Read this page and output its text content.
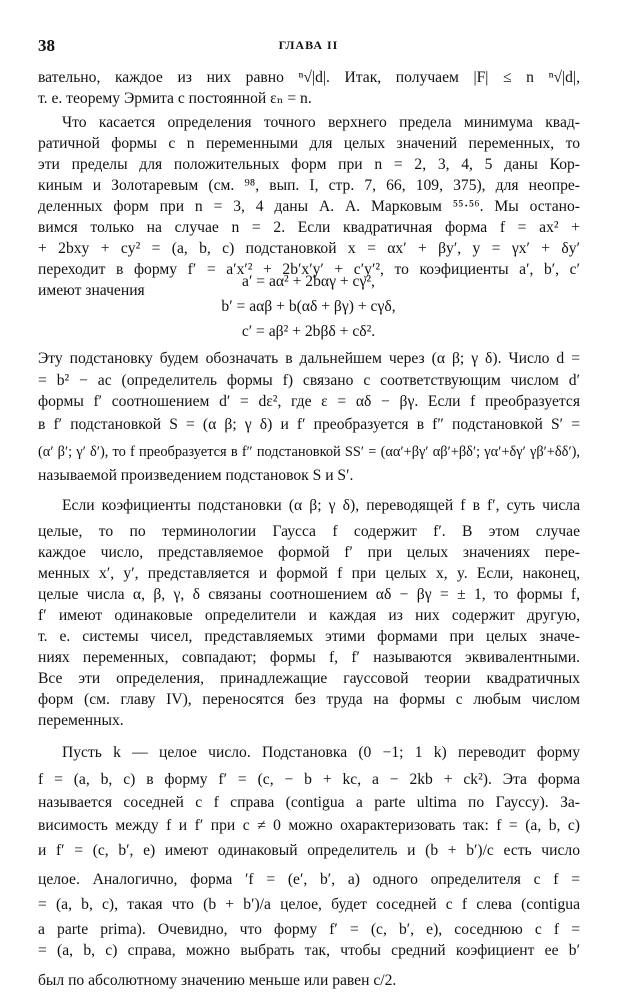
38	ГЛАВА II
вательно, каждое из них равно ⁿ√|d|. Итак, получаем |F| ≤ n ⁿ√|d|,
т. е. теорему Эрмита с постоянной εₙ = n.
Что касается определения точного верхнего предела минимума квад-
ратичной формы с n переменными для целых значений переменных, то
эти пределы для положительных форм при n = 2, 3, 4, 5 даны Кор-
киным и Золотаревым (см. ⁹⁸, вып. I, стр. 7, 66, 109, 375), для неопре-
деленных форм при n = 3, 4 даны А. А. Марковым ⁵⁵·⁵⁶. Мы остано-
вимся только на случае n = 2. Если квадратичная форма f = ax² +
+ 2bxy + cy² = (a, b, c) подстановкой x = αx′ + βy′, y = γx′ + δy′
переходит в форму f′ = a′x′² + 2b′x′y′ + c′y′², то коэфициенты a′, b′, c′
имеют значения
a′ = aα² + 2bαγ + cγ²,
b′ = aαβ + b(αδ + βγ) + cγδ,
c′ = aβ² + 2bβδ + cδ².
Эту подстановку будем обозначать в дальнейшем через (α β; γ δ). Число d =
= b² − ac (определитель формы f) связано с соответствующим числом d′
формы f′ соотношением d′ = dε², где ε = αδ − βγ. Если f преобразуется
в f′ подстановкой S = (α β; γ δ) и f′ преобразуется в f″ подстановкой S′ =
(α′ β′; γ′ δ′), то f преобразуется в f″ подстановкой SS′ = (αα′+βγ′ αβ′+βδ′; γα′+δγ′ γβ′+δδ′),
называемой произведением подстановок S и S′.
Если коэфициенты подстановки (α β; γ δ), переводящей f в f′, суть числа
целые, то по терминологии Гаусса f содержит f′. В этом случае
каждое число, представляемое формой f′ при целых значениях пере-
менных x′, y′, представляется и формой f при целых x, y. Если, наконец,
целые числа α, β, γ, δ связаны соотношением αδ − βγ = ± 1, то формы f,
f′ имеют одинаковые определители и каждая из них содержит другую,
т. е. системы чисел, представляемых этими формами при целых значе-
ниях переменных, совпадают; формы f, f′ называются эквивалентными.
Все эти определения, принадлежащие гауссовой теории квадратичных
форм (см. главу IV), переносятся без труда на формы с любым числом
переменных.
Пусть k — целое число. Подстановка (0 −1; 1 k) переводит форму
f = (a, b, c) в форму f′ = (c, − b + kc, a − 2kb + ck²). Эта форма
называется соседней с f справа (contigua a parte ultima по Гауссу). За-
висимость между f и f′ при c ≠ 0 можно охарактеризовать так: f = (a, b, c)
и f′ = (c, b′, e) имеют одинаковый определитель и (b + b′)/c есть число
целое. Аналогично, форма ′f = (e′, b′, a) одного определителя с f =
= (a, b, c), такая что (b + b′)/a целое, будет соседней с f слева (contigua
a parte prima). Очевидно, что форму f′ = (c, b′, e), соседнюю с f =
= (a, b, c) справа, можно выбрать так, чтобы средний коэфициент ее b′
был по абсолютному значению меньше или равен c/2.
